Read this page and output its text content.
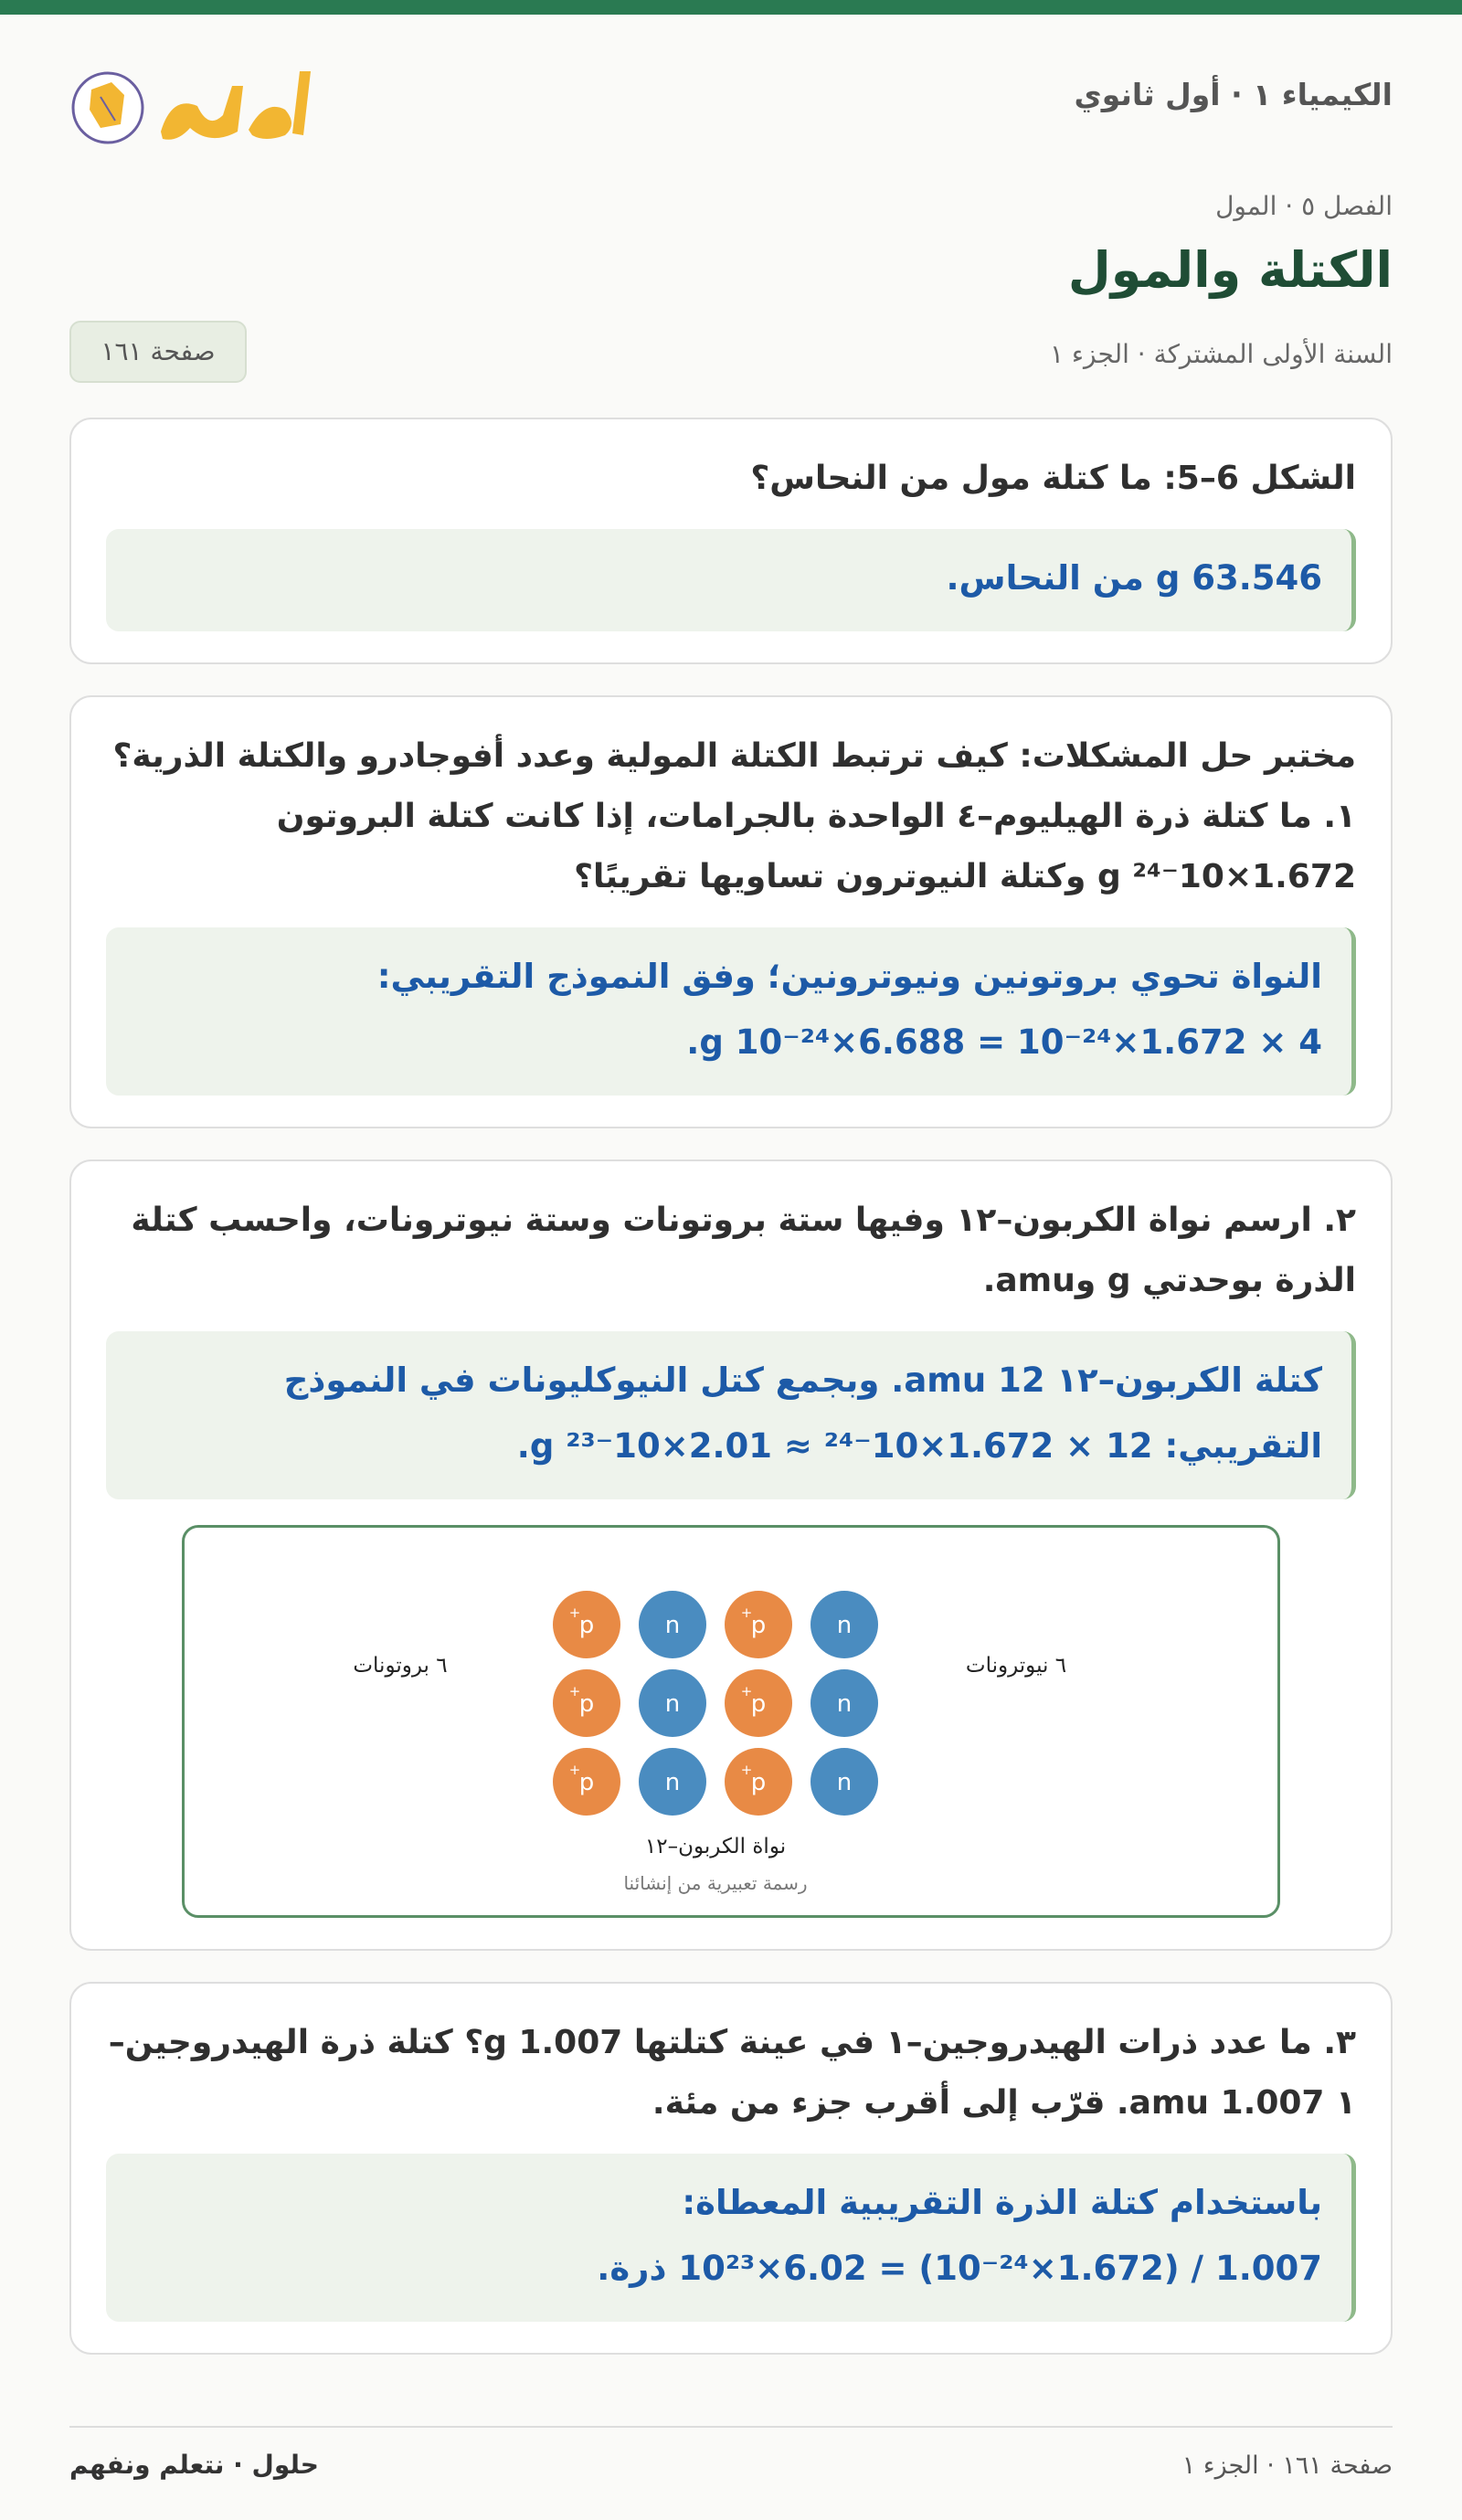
الكيمياء ١ · أول ثانوي
الفصل ٥ · المول
الكتلة والمول
السنة الأولى المشتركة · الجزء ١
صفحة ١٦١
الشكل 6–5: ما كتلة مول من النحاس؟
63.546 g من النحاس.
مختبر حل المشكلات: كيف ترتبط الكتلة المولية وعدد أفوجادرو والكتلة الذرية؟ ١. ما كتلة ذرة الهيليوم–٤ الواحدة بالجرامات، إذا كانت كتلة البروتون 1.672×10⁻²⁴ g وكتلة النيوترون تساويها تقريبًا؟
النواة تحوي بروتونين ونيوترونين؛ وفق النموذج التقريبي:
4 × 1.672×10⁻²⁴ = 6.688×10⁻²⁴ g.
٢. ارسم نواة الكربون–١٢ وفيها ستة بروتونات وستة نيوترونات، واحسب كتلة الذرة بوحدتي g وamu.
كتلة الكربون–١٢ 12 amu. وبجمع كتل النيوكليونات في النموذج التقريبي: 12 × 1.672×10⁻²⁴ ≈ 2.01×10⁻²³ g.
p
+	n	p
+	n
p
+	n	p
+	n
p
+	n	p
+	n
٦ نيوترونات
٦ بروتونات
نواة الكربون–١٢
رسمة تعبيرية من إنشائنا
٣. ما عدد ذرات الهيدروجين–١ في عينة كتلتها 1.007 g؟ كتلة ذرة الهيدروجين–١ 1.007 amu. قرّب إلى أقرب جزء من مئة.
باستخدام كتلة الذرة التقريبية المعطاة:
1.007 / (1.672×10⁻²⁴) = 6.02×10²³ ذرة.
صفحة ١٦١ · الجزء ١
حلول · نتعلم ونفهم
